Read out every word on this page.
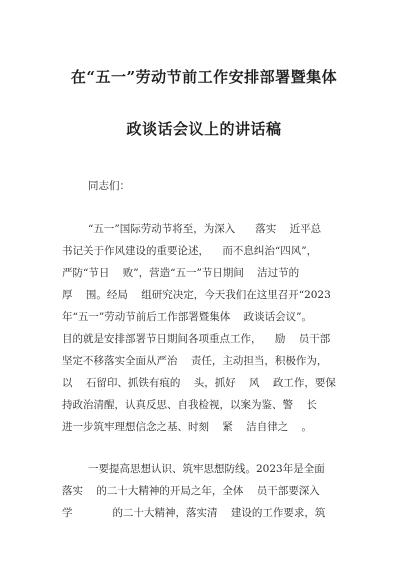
在“五一”劳动节前工作安排部署暨集体
政谈话会议上的讲话稿
同志们：
“五一”国际劳动节将至，为深入      落实    近平总
书记关于作风建设的重要论述，    而不息纠治“四风”，
严防“节日    败”，营造“五一”节日期间    洁过节的
厚    围。经局    组研究决定，今天我们在这里召开“2023
年“五一”劳动节前后工作部署暨集体    政谈话会议”。
目的就是安排部署节日期间各项重点工作，    励    员干部
坚定不移落实全面从严治    责任，主动担当，积极作为，
以    石留印、抓铁有痕的    头，抓好    风    政工作，要保
持政治清醒，认真反思、自我检视，以案为鉴、警    长
进一步筑牢理想信念之基、时刻    紧    洁自律之    。
一要提高思想认识、筑牢思想防线。2023年是全面
落实    的二十大精神的开局之年，全体    员干部要深入
学            的二十大精神，落实清    建设的工作要求，筑
